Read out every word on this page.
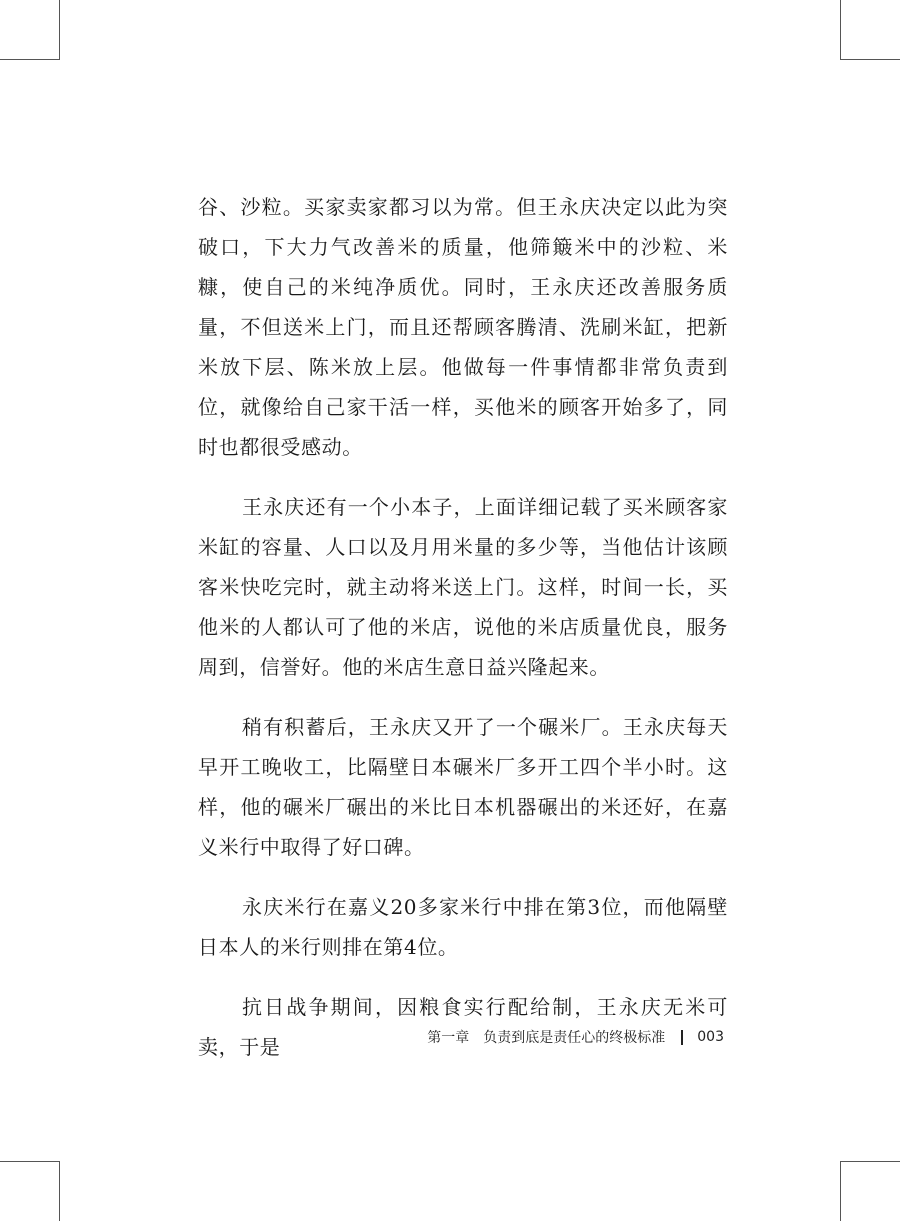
谷、沙粒。买家卖家都习以为常。但王永庆决定以此为突破口，下大力气改善米的质量，他筛簸米中的沙粒、米糠，使自己的米纯净质优。同时，王永庆还改善服务质量，不但送米上门，而且还帮顾客腾清、洗刷米缸，把新米放下层、陈米放上层。他做每一件事情都非常负责到位，就像给自己家干活一样，买他米的顾客开始多了，同时也都很受感动。

王永庆还有一个小本子，上面详细记载了买米顾客家米缸的容量、人口以及月用米量的多少等，当他估计该顾客米快吃完时，就主动将米送上门。这样，时间一长，买他米的人都认可了他的米店，说他的米店质量优良，服务周到，信誉好。他的米店生意日益兴隆起来。

稍有积蓄后，王永庆又开了一个碾米厂。王永庆每天早开工晚收工，比隔壁日本碾米厂多开工四个半小时。这样，他的碾米厂碾出的米比日本机器碾出的米还好，在嘉义米行中取得了好口碑。

永庆米行在嘉义20多家米行中排在第3位，而他隔壁日本人的米行则排在第4位。

抗日战争期间，因粮食实行配给制，王永庆无米可卖，于是	第一章　负责到底是责任心的终极标准 003
